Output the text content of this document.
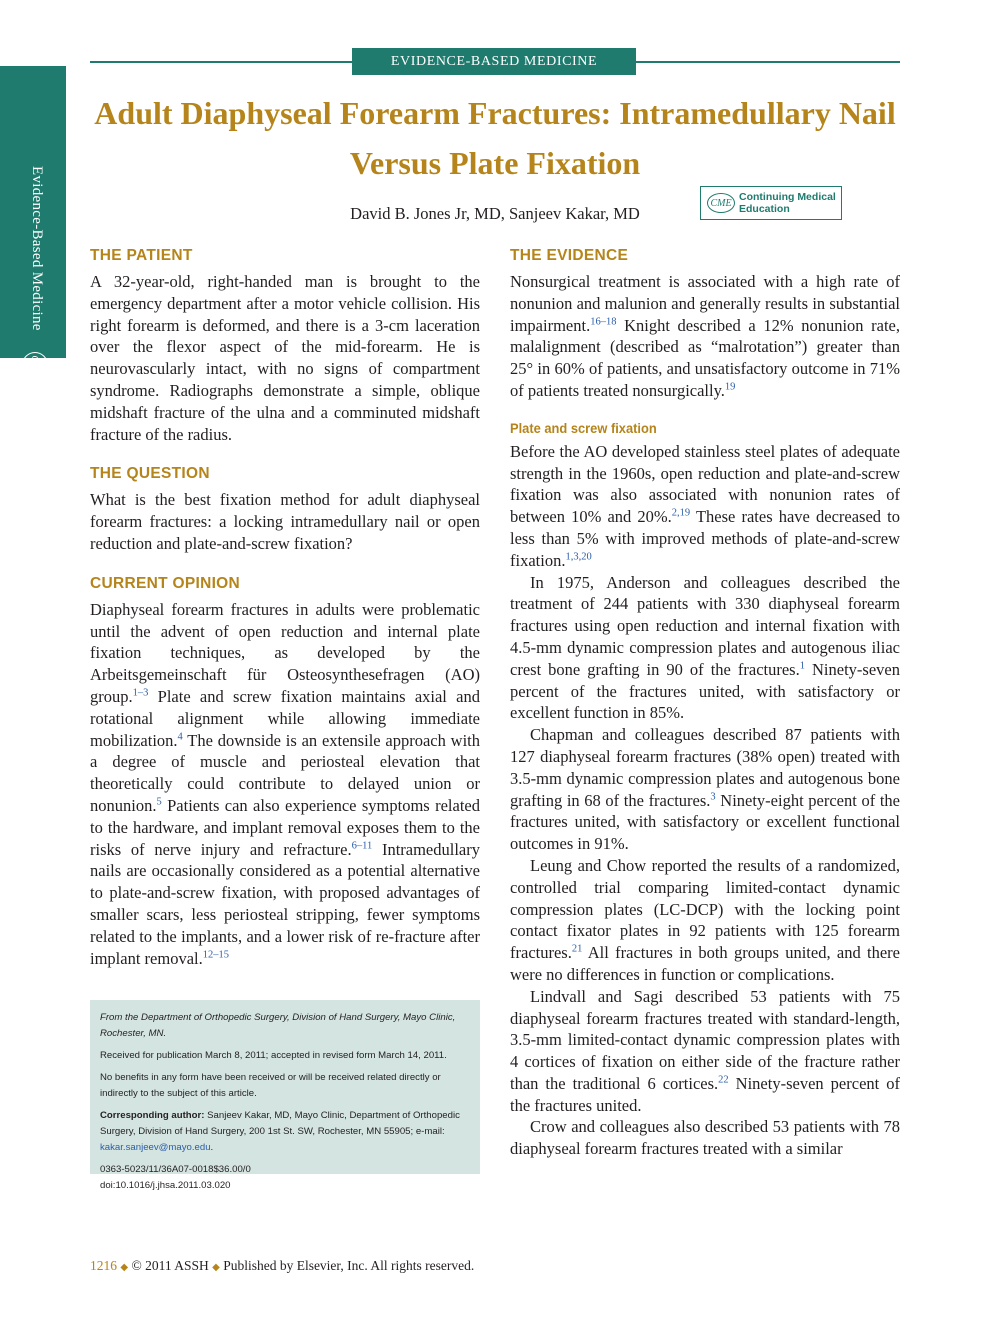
Evidence-Based Medicine
CME
EVIDENCE-BASED MEDICINE
Adult Diaphyseal Forearm Fractures: Intramedullary Nail Versus Plate Fixation
David B. Jones Jr, MD, Sanjeev Kakar, MD
CME Continuing Medical
Education
THE PATIENT

A 32-year-old, right-handed man is brought to the emergency department after a motor vehicle collision. His right forearm is deformed, and there is a 3-cm laceration over the flexor aspect of the mid-forearm. He is neurovascularly intact, with no signs of compartment syndrome. Radiographs demonstrate a simple, oblique midshaft fracture of the ulna and a comminuted midshaft fracture of the radius.

THE QUESTION

What is the best fixation method for adult diaphyseal forearm fractures: a locking intramedullary nail or open reduction and plate-and-screw fixation?

CURRENT OPINION

Diaphyseal forearm fractures in adults were problematic until the advent of open reduction and internal plate fixation techniques, as developed by the Arbeitsgemeinschaft für Osteosynthesefragen (AO) group.$^{1-3}$ Plate and screw fixation maintains axial and rotational alignment while allowing immediate mobilization.$^4$ The downside is an extensile approach with a degree of muscle and periosteal elevation that theoretically could contribute to delayed union or nonunion.$^5$ Patients can also experience symptoms related to the hardware, and implant removal exposes them to the risks of nerve injury and refracture.$^{6-11}$ Intramedullary nails are occasionally considered as a potential alternative to plate-and-screw fixation, with proposed advantages of smaller scars, less periosteal stripping, fewer symptoms related to the implants, and a lower risk of re-fracture after implant removal.$^{12-15}$

From the Department of Orthopedic Surgery, Division of Hand Surgery, Mayo Clinic, Rochester, MN.
Received for publication March 8, 2011; accepted in revised form March 14, 2011.
No benefits in any form have been received or will be received related directly or indirectly to the subject of this article.
Corresponding author: Sanjeev Kakar, MD, Mayo Clinic, Department of Orthopedic Surgery, Division of Hand Surgery, 200 1st St. SW, Rochester, MN 55905; e-mail: kakar.sanjeev@mayo.edu.
0363-5023/11/36A07-0018$36.00/0
doi:10.1016/j.jhsa.2011.03.020
THE EVIDENCE

Nonsurgical treatment is associated with a high rate of nonunion and malunion and generally results in substantial impairment.$^{16-18}$ Knight described a 12% nonunion rate, malalignment (described as “malrotation”) greater than 25° in 60% of patients, and unsatisfactory outcome in 71% of patients treated nonsurgically.$^{19}$

Plate and screw fixation

Before the AO developed stainless steel plates of adequate strength in the 1960s, open reduction and plate-and-screw fixation was also associated with nonunion rates of between 10% and 20%.$^{2,19}$ These rates have decreased to less than 5% with improved methods of plate-and-screw fixation.$^{1,3,20}$

In 1975, Anderson and colleagues described the treatment of 244 patients with 330 diaphyseal forearm fractures using open reduction and internal fixation with 4.5-mm dynamic compression plates and autogenous iliac crest bone grafting in 90 of the fractures.$^1$ Ninety-seven percent of the fractures united, with satisfactory or excellent function in 85%.

Chapman and colleagues described 87 patients with 127 diaphyseal forearm fractures (38% open) treated with 3.5-mm dynamic compression plates and autogenous bone grafting in 68 of the fractures.$^3$ Ninety-eight percent of the fractures united, with satisfactory or excellent functional outcomes in 91%.

Leung and Chow reported the results of a randomized, controlled trial comparing limited-contact dynamic compression plates (LC-DCP) with the locking point contact fixator plates in 92 patients with 125 forearm fractures.$^{21}$ All fractures in both groups united, and there were no differences in function or complications.

Lindvall and Sagi described 53 patients with 75 diaphyseal forearm fractures treated with standard-length, 3.5-mm limited-contact dynamic compression plates with 4 cortices of fixation on either side of the fracture rather than the traditional 6 cortices.$^{22}$ Ninety-seven percent of the fractures united.

Crow and colleagues also described 53 patients with 78 diaphyseal forearm fractures treated with a similar

1216 ◆ © 2011 ASSH ◆ Published by Elsevier, Inc. All rights reserved.
